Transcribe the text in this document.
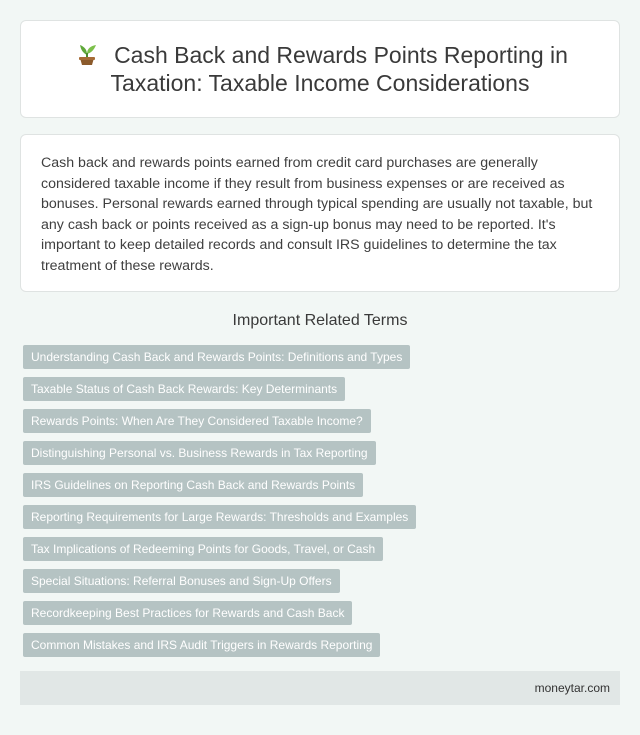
Cash Back and Rewards Points Reporting in Taxation: Taxable Income Considerations

Cash back and rewards points earned from credit card purchases are generally considered taxable income if they result from business expenses or are received as bonuses. Personal rewards earned through typical spending are usually not taxable, but any cash back or points received as a sign-up bonus may need to be reported. It's important to keep detailed records and consult IRS guidelines to determine the tax treatment of these rewards.

Important Related Terms
Understanding Cash Back and Rewards Points: Definitions and Types
Taxable Status of Cash Back Rewards: Key Determinants
Rewards Points: When Are They Considered Taxable Income?
Distinguishing Personal vs. Business Rewards in Tax Reporting
IRS Guidelines on Reporting Cash Back and Rewards Points
Reporting Requirements for Large Rewards: Thresholds and Examples
Tax Implications of Redeeming Points for Goods, Travel, or Cash
Special Situations: Referral Bonuses and Sign-Up Offers
Recordkeeping Best Practices for Rewards and Cash Back
Common Mistakes and IRS Audit Triggers in Rewards Reporting
moneytar.com
